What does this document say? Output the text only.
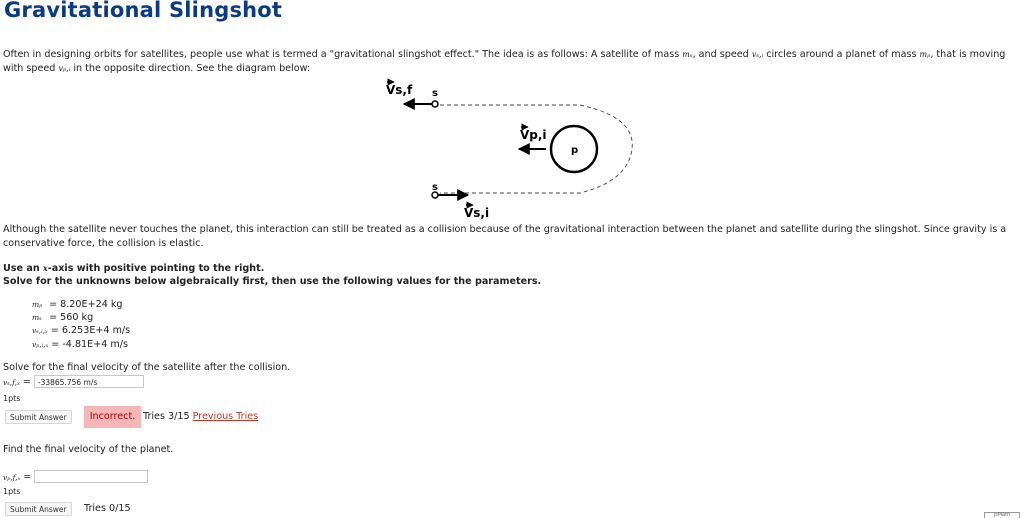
Gravitational Slingshot

Often in designing orbits for satellites, people use what is termed a "gravitational slingshot effect." The idea is as follows: A satellite of mass mₛ, and speed vₛ,ᵢ circles around a planet of mass mₚ, that is moving with speed vₚ,ᵢ in the opposite direction. See the diagram below:

s
Vs,f
p
Vp,i
s
Vs,i

Although the satellite never touches the planet, this interaction can still be treated as a collision because of the gravitational interaction between the planet and satellite during the slingshot. Since gravity is a conservative force, the collision is elastic.

Use an x-axis with positive pointing to the right.
Solve for the unknowns below algebraically first, then use the following values for the parameters.
mₚ = 8.20E+24 kg
mₛ = 560 kg
vₛ,ᵢ,ₓ = 6.253E+4 m/s
vₚ,ᵢ,ₓ = -4.81E+4 m/s
Solve for the final velocity of the satellite after the collision.
vₛ,f,ₓ = -33865.756 m/s
1pts
Submit Answer	Incorrect. Tries 3/15 Previous Tries
Find the final velocity of the planet.
vₚ,f,ₓ =
1pts
Submit Answer	Tries 0/15
jsMath
